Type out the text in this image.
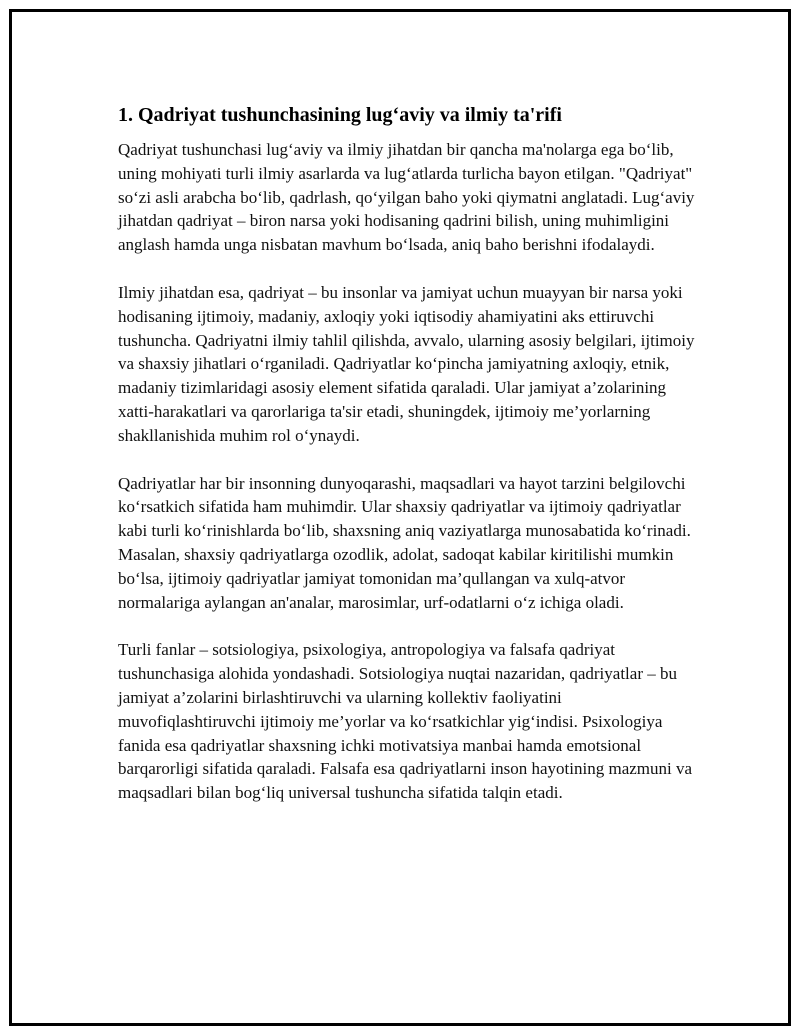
1. Qadriyat tushunchasining lug‘aviy va ilmiy ta'rifi

Qadriyat tushunchasi lug‘aviy va ilmiy jihatdan bir qancha ma'nolarga ega bo‘lib, uning mohiyati turli ilmiy asarlarda va lug‘atlarda turlicha bayon etilgan. "Qadriyat" so‘zi asli arabcha bo‘lib, qadrlash, qo‘yilgan baho yoki qiymatni anglatadi. Lug‘aviy jihatdan qadriyat – biron narsa yoki hodisaning qadrini bilish, uning muhimligini anglash hamda unga nisbatan mavhum bo‘lsada, aniq baho berishni ifodalaydi.

Ilmiy jihatdan esa, qadriyat – bu insonlar va jamiyat uchun muayyan bir narsa yoki hodisaning ijtimoiy, madaniy, axloqiy yoki iqtisodiy ahamiyatini aks ettiruvchi tushuncha. Qadriyatni ilmiy tahlil qilishda, avvalo, ularning asosiy belgilari, ijtimoiy va shaxsiy jihatlari o‘rganiladi. Qadriyatlar ko‘pincha jamiyatning axloqiy, etnik, madaniy tizimlaridagi asosiy element sifatida qaraladi. Ular jamiyat a’zolarining xatti-harakatlari va qarorlariga ta'sir etadi, shuningdek, ijtimoiy me’yorlarning shakllanishida muhim rol o‘ynaydi.

Qadriyatlar har bir insonning dunyoqarashi, maqsadlari va hayot tarzini belgilovchi ko‘rsatkich sifatida ham muhimdir. Ular shaxsiy qadriyatlar va ijtimoiy qadriyatlar kabi turli ko‘rinishlarda bo‘lib, shaxsning aniq vaziyatlarga munosabatida ko‘rinadi. Masalan, shaxsiy qadriyatlarga ozodlik, adolat, sadoqat kabilar kiritilishi mumkin bo‘lsa, ijtimoiy qadriyatlar jamiyat tomonidan ma’qullangan va xulq-atvor normalariga aylangan an'analar, marosimlar, urf-odatlarni o‘z ichiga oladi.

Turli fanlar – sotsiologiya, psixologiya, antropologiya va falsafa qadriyat tushunchasiga alohida yondashadi. Sotsiologiya nuqtai nazaridan, qadriyatlar – bu jamiyat a’zolarini birlashtiruvchi va ularning kollektiv faoliyatini muvofiqlashtiruvchi ijtimoiy me’yorlar va ko‘rsatkichlar yig‘indisi. Psixologiya fanida esa qadriyatlar shaxsning ichki motivatsiya manbai hamda emotsional barqarorligi sifatida qaraladi. Falsafa esa qadriyatlarni inson hayotining mazmuni va maqsadlari bilan bog‘liq universal tushuncha sifatida talqin etadi.
